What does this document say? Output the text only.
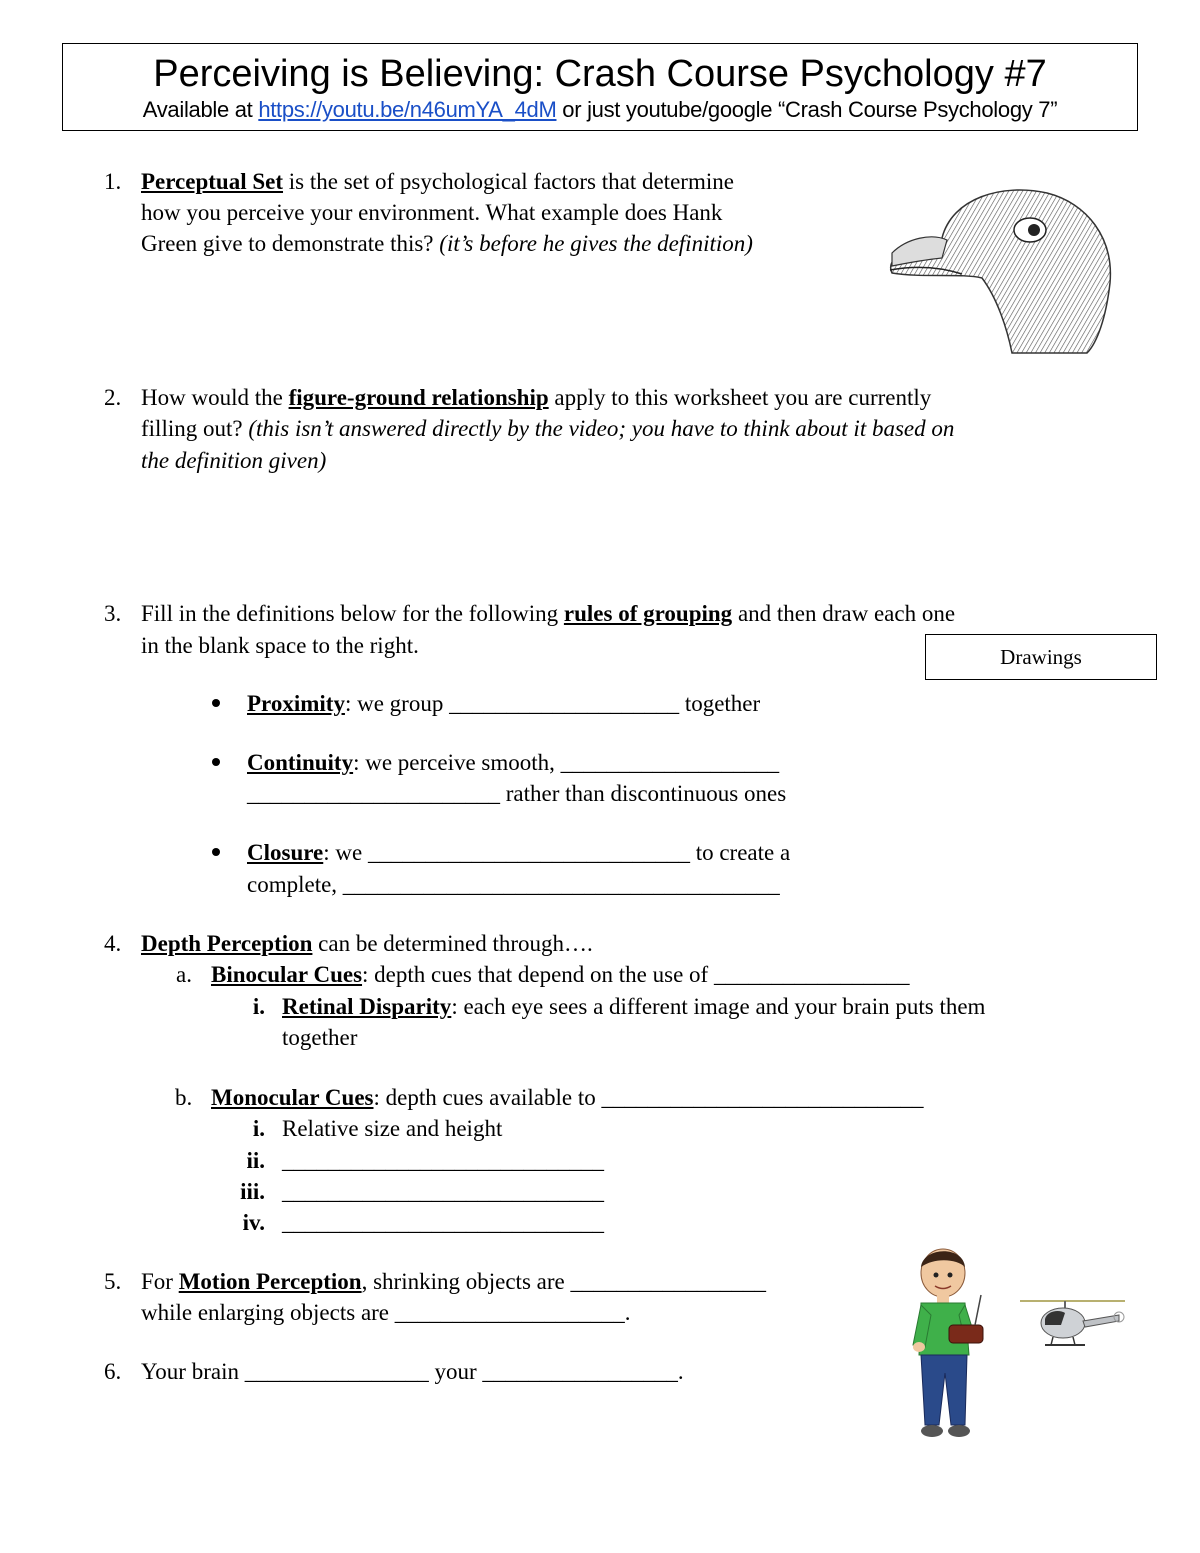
Perceiving is Believing: Crash Course Psychology #7
Available at https://youtu.be/n46umYA_4dM or just youtube/google “Crash Course Psychology 7”
1. Perceptual Set is the set of psychological factors that determine
how you perceive your environment. What example does Hank
Green give to demonstrate this? (it’s before he gives the definition)
2. How would the figure-ground relationship apply to this worksheet you are currently
filling out? (this isn’t answered directly by the video; you have to think about it based on
the definition given)
3. Fill in the definitions below for the following rules of grouping and then draw each one
in the blank space to the right.	Drawings
Proximity: we group ____________________ together
Continuity: we perceive smooth, ___________________
______________________ rather than discontinuous ones
Closure: we ____________________________ to create a
complete, ______________________________________
4. Depth Perception can be determined through….
a. Binocular Cues: depth cues that depend on the use of _________________
i. Retinal Disparity: each eye sees a different image and your brain puts them
together
b. Monocular Cues: depth cues available to ____________________________
i. Relative size and height
ii. ____________________________
iii. ____________________________
iv. ____________________________
5. For Motion Perception, shrinking objects are _________________
while enlarging objects are ____________________.
6. Your brain ________________ your _________________.
